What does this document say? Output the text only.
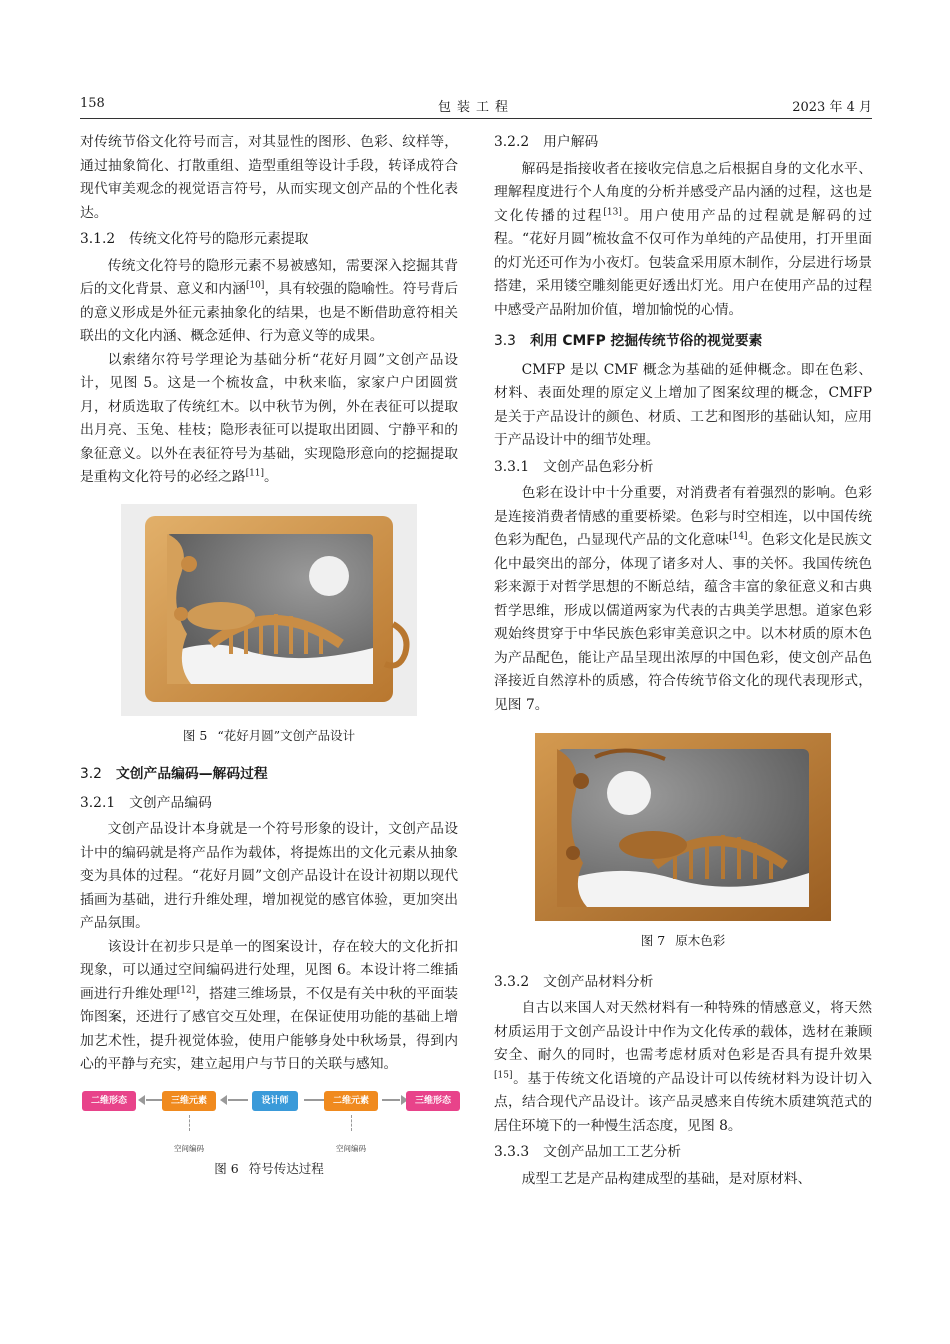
158	包装工程	2023 年 4 月

对传统节俗文化符号而言，对其显性的图形、色彩、纹样等，通过抽象简化、打散重组、造型重组等设计手段，转译成符合现代审美观念的视觉语言符号，从而实现文创产品的个性化表达。

3.1.2 传统文化符号的隐形元素提取

传统文化符号的隐形元素不易被感知，需要深入挖掘其背后的文化背景、意义和内涵[10]，具有较强的隐喻性。符号背后的意义形成是外征元素抽象化的结果，也是不断借助意符相关联出的文化内涵、概念延伸、行为意义等的成果。

以索绪尔符号学理论为基础分析“花好月圆”文创产品设计，见图 5。这是一个梳妆盒，中秋来临，家家户户团圆赏月，材质选取了传统红木。以中秋节为例，外在表征可以提取出月亮、玉兔、桂枝；隐形表征可以提取出团圆、宁静平和的象征意义。以外在表征符号为基础，实现隐形意向的挖掘提取是重构文化符号的必经之路[11]。

图 5 “花好月圆”文创产品设计
3.2 文创产品编码—解码过程
3.2.1 文创产品编码

文创产品设计本身就是一个符号形象的设计，文创产品设计中的编码就是将产品作为载体，将提炼出的文化元素从抽象变为具体的过程。“花好月圆”文创产品设计在设计初期以现代插画为基础，进行升维处理，增加视觉的感官体验，更加突出产品氛围。

该设计在初步只是单一的图案设计，存在较大的文化折扣现象，可以通过空间编码进行处理，见图 6。本设计将二维插画进行升维处理[12]，搭建三维场景，不仅是有关中秋的平面装饰图案，还进行了感官交互处理，在保证使用功能的基础上增加艺术性，提升视觉体验，使用户能够身处中秋场景，得到内心的平静与充实，建立起用户与节日的关联与感知。

二维形态	三维元素	设计师	二维元素	三维形态
空间编码	空间编码
图 6 符号传达过程
3.2.2 用户解码

解码是指接收者在接收完信息之后根据自身的文化水平、理解程度进行个人角度的分析并感受产品内涵的过程，这也是文化传播的过程[13]。用户使用产品的过程就是解码的过程。“花好月圆”梳妆盒不仅可作为单纯的产品使用，打开里面的灯光还可作为小夜灯。包装盒采用原木制作，分层进行场景搭建，采用镂空雕刻能更好透出灯光。用户在使用产品的过程中感受产品附加价值，增加愉悦的心情。

3.3 利用 CMFP 挖掘传统节俗的视觉要素

CMFP 是以 CMF 概念为基础的延伸概念。即在色彩、材料、表面处理的原定义上增加了图案纹理的概念，CMFP 是关于产品设计的颜色、材质、工艺和图形的基础认知，应用于产品设计中的细节处理。

3.3.1 文创产品色彩分析

色彩在设计中十分重要，对消费者有着强烈的影响。色彩是连接消费者情感的重要桥梁。色彩与时空相连，以中国传统色彩为配色，凸显现代产品的文化意味[14]。色彩文化是民族文化中最突出的部分，体现了诸多对人、事的关怀。我国传统色彩来源于对哲学思想的不断总结，蕴含丰富的象征意义和古典哲学思维，形成以儒道两家为代表的古典美学思想。道家色彩观始终贯穿于中华民族色彩审美意识之中。以木材质的原木色为产品配色，能让产品呈现出浓厚的中国色彩，使文创产品色泽接近自然淳朴的质感，符合传统节俗文化的现代表现形式，见图 7。

图 7 原木色彩
3.3.2 文创产品材料分析

自古以来国人对天然材料有一种特殊的情感意义，将天然材质运用于文创产品设计中作为文化传承的载体，选材在兼顾安全、耐久的同时，也需考虑材质对色彩是否具有提升效果[15]。基于传统文化语境的产品设计可以传统材料为设计切入点，结合现代产品设计。该产品灵感来自传统木质建筑范式的居住环境下的一种慢生活态度，见图 8。

3.3.3 文创产品加工工艺分析

成型工艺是产品构建成型的基础，是对原材料、
